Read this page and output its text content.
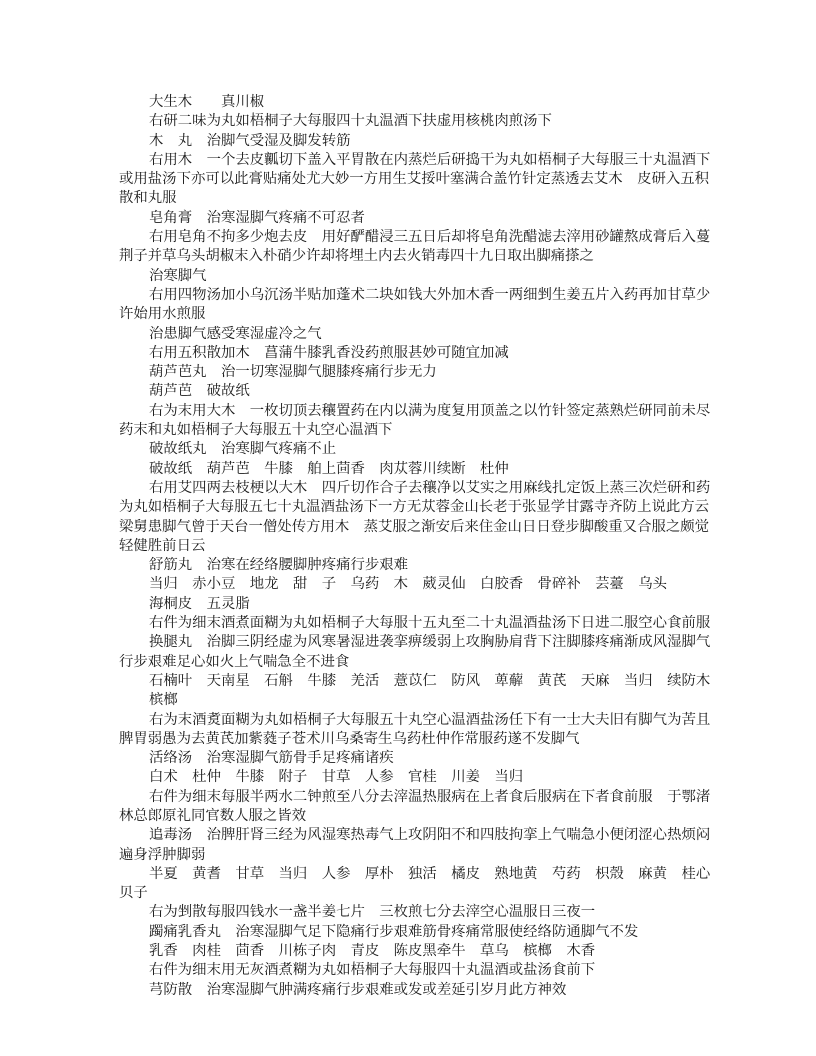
大生木　　真川椒
右研二味为丸如梧桐子大每服四十丸温酒下扶虚用核桃肉煎汤下
木　丸　治脚气受湿及脚发转筋
右用木　一个去皮瓤切下盖入平胃散在内蒸烂后研捣干为丸如梧桐子大每服三十丸温酒下
或用盐汤下亦可以此膏贴痛处尤大妙一方用生艾挼叶塞满合盖竹针定蒸透去艾木　皮研入五积
散和丸服
皂角膏　治寒湿脚气疼痛不可忍者
右用皂角不拘多少炮去皮　用好酽醋浸三五日后却将皂角洗醋滤去滓用砂罐熬成膏后入蔓
荆子并草乌头胡椒末入朴硝少许却将埋土内去火销毒四十九日取出脚痛搽之
治寒脚气
右用四物汤加小乌沉汤半贴加蓬术二块如钱大外加木香一两细剉生姜五片入药再加甘草少
许始用水煎服
治患脚气感受寒湿虚冷之气
右用五积散加木　菖蒲牛膝乳香没药煎服甚妙可随宜加减
葫芦芭丸　治一切寒湿脚气腿膝疼痛行步无力
葫芦芭　破故纸
右为末用大木　一枚切顶去穰置药在内以满为度复用顶盖之以竹针签定蒸熟烂研同前未尽
药末和丸如梧桐子大每服五十丸空心温酒下
破故纸丸　治寒脚气疼痛不止
破故纸　葫芦芭　牛膝　舶上茴香　肉苁蓉川续断　杜仲
右用艾四两去枝梗以大木　四斤切作合子去穰净以艾实之用麻线扎定饭上蒸三次烂研和药
为丸如梧桐子大每服五七十丸温酒盐汤下一方无苁蓉金山长老于张显学甘露寺齐防上说此方云
梁舅患脚气曾于天台一僧处传方用木　蒸艾服之渐安后来住金山日日登步脚酸重又合服之颇觉
轻健胜前日云
舒筋丸　治寒在经络腰脚肿疼痛行步艰难
当归　赤小豆　地龙　甜　子　乌药　木　葳灵仙　白胶香　骨碎补　芸薹　乌头
海桐皮　五灵脂
右件为细末酒煮面糊为丸如梧桐子大每服十五丸至二十丸温酒盐汤下日进二服空心食前服
换腿丸　治脚三阴经虚为风寒暑湿进袭挛痹缓弱上攻胸胁肩背下注脚膝疼痛渐成风湿脚气
行步艰难足心如火上气喘急全不进食
石楠叶　天南星　石斛　牛膝　羌活　薏苡仁　防风　萆薢　黄芪　天麻　当归　续防木
槟榔
右为末酒煑面糊为丸如梧桐子大每服五十丸空心温酒盐汤任下有一士大夫旧有脚气为苦且
脾胃弱愚为去黄芪加紫蕤子苍术川乌桑寄生乌药杜仲作常服药遂不发脚气
活络汤　治寒湿脚气筋骨手足疼痛诸疾
白术　杜仲　牛膝　附子　甘草　人参　官桂　川姜　当归
右件为细末每服半两水二钟煎至八分去滓温热服病在上者食后服病在下者食前服　于鄂渚
林总郎原礼同官数人服之皆效
追毒汤　治脾肝肾三经为风湿寒热毒气上攻阴阳不和四肢拘挛上气喘急小便闭涩心热烦闷
遍身浮肿脚弱
半夏　黄耆　甘草　当归　人参　厚朴　独活　橘皮　熟地黄　芍药　枳殼　麻黄　桂心
贝子
右为剉散每服四钱水一盏半姜七片　三枚煎七分去滓空心温服日三夜一
躅痛乳香丸　治寒湿脚气足下隐痛行步艰难筋骨疼痛常服使经络防通脚气不发
乳香　肉桂　茴香　川栋子肉　青皮　陈皮黑牵牛　草乌　槟榔　木香
右件为细末用无灰酒煮糊为丸如梧桐子大每服四十丸温酒或盐汤食前下
芎防散　治寒湿脚气肿满疼痛行步艰难或发或差延引岁月此方神效
